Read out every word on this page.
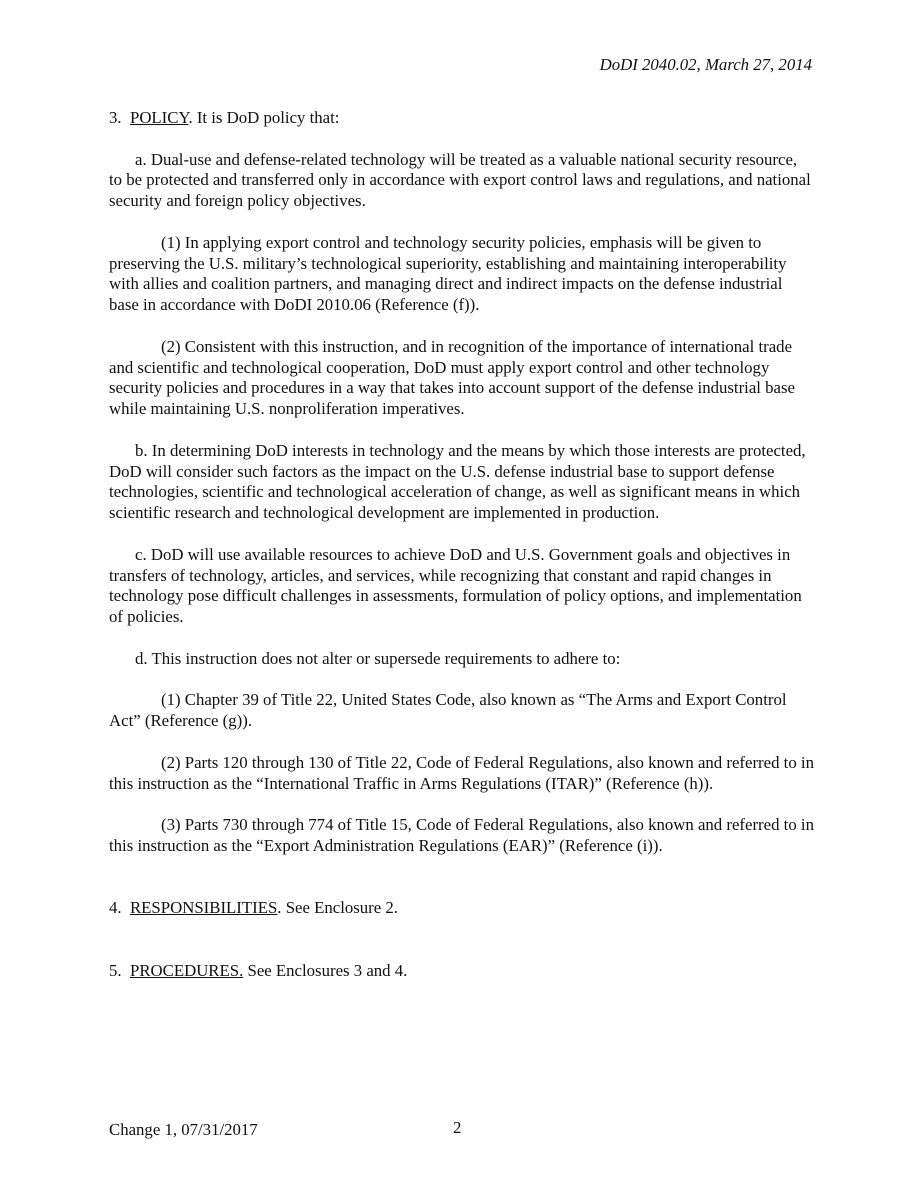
DoDI 2040.02, March 27, 2014

3. POLICY. It is DoD policy that:

a. Dual-use and defense-related technology will be treated as a valuable national security resource, to be protected and transferred only in accordance with export control laws and regulations, and national security and foreign policy objectives.

(1) In applying export control and technology security policies, emphasis will be given to preserving the U.S. military’s technological superiority, establishing and maintaining interoperability with allies and coalition partners, and managing direct and indirect impacts on the defense industrial base in accordance with DoDI 2010.06 (Reference (f)).

(2) Consistent with this instruction, and in recognition of the importance of international trade and scientific and technological cooperation, DoD must apply export control and other technology security policies and procedures in a way that takes into account support of the defense industrial base while maintaining U.S. nonproliferation imperatives.

b. In determining DoD interests in technology and the means by which those interests are protected, DoD will consider such factors as the impact on the U.S. defense industrial base to support defense technologies, scientific and technological acceleration of change, as well as significant means in which scientific research and technological development are implemented in production.

c. DoD will use available resources to achieve DoD and U.S. Government goals and objectives in transfers of technology, articles, and services, while recognizing that constant and rapid changes in technology pose difficult challenges in assessments, formulation of policy options, and implementation of policies.

d. This instruction does not alter or supersede requirements to adhere to:

(1) Chapter 39 of Title 22, United States Code, also known as “The Arms and Export Control Act” (Reference (g)).

(2) Parts 120 through 130 of Title 22, Code of Federal Regulations, also known and referred to in this instruction as the “International Traffic in Arms Regulations (ITAR)” (Reference (h)).

(3) Parts 730 through 774 of Title 15, Code of Federal Regulations, also known and referred to in this instruction as the “Export Administration Regulations (EAR)” (Reference (i)).

4. RESPONSIBILITIES. See Enclosure 2.

5. PROCEDURES. See Enclosures 3 and 4.

Change 1, 07/31/2017	2
